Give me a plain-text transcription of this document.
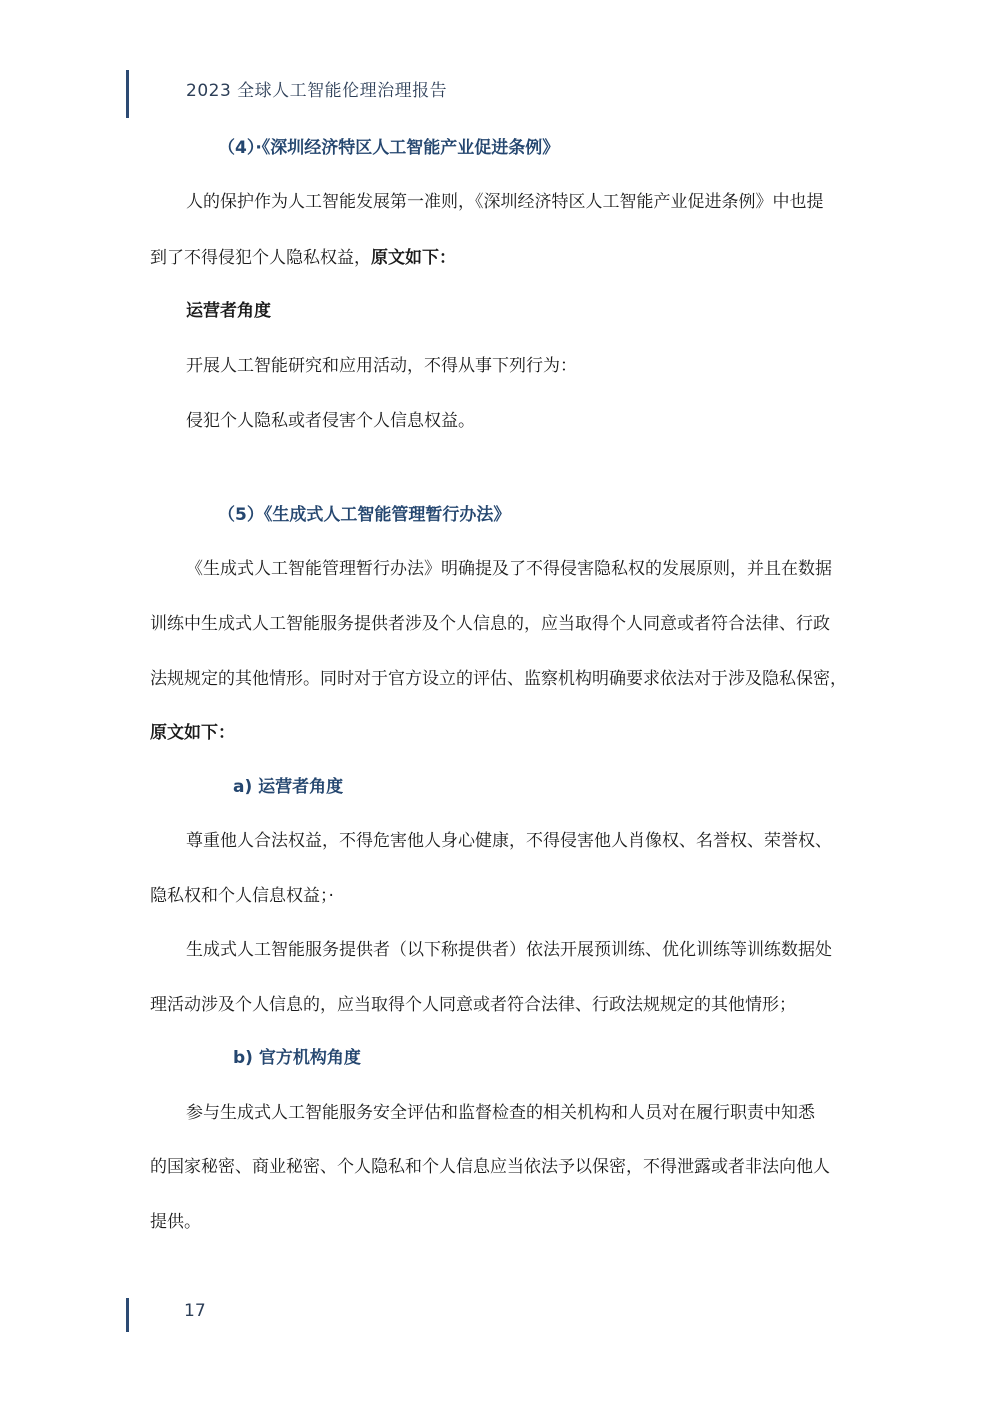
2023 全球人工智能伦理治理报告
（4）·《深圳经济特区人工智能产业促进条例》
人的保护作为人工智能发展第一准则，《深圳经济特区人工智能产业促进条例》中也提
到了不得侵犯个人隐私权益，原文如下：
运营者角度
开展人工智能研究和应用活动，不得从事下列行为：
侵犯个人隐私或者侵害个人信息权益。
（5）《生成式人工智能管理暂行办法》
《生成式人工智能管理暂行办法》明确提及了不得侵害隐私权的发展原则，并且在数据
训练中生成式人工智能服务提供者涉及个人信息的，应当取得个人同意或者符合法律、行政
法规规定的其他情形。同时对于官方设立的评估、监察机构明确要求依法对于涉及隐私保密，
原文如下：
a) 运营者角度
尊重他人合法权益，不得危害他人身心健康，不得侵害他人肖像权、名誉权、荣誉权、
隐私权和个人信息权益；·
生成式人工智能服务提供者（以下称提供者）依法开展预训练、优化训练等训练数据处
理活动涉及个人信息的，应当取得个人同意或者符合法律、行政法规规定的其他情形；
b) 官方机构角度
参与生成式人工智能服务安全评估和监督检查的相关机构和人员对在履行职责中知悉
的国家秘密、商业秘密、个人隐私和个人信息应当依法予以保密，不得泄露或者非法向他人
提供。
17
